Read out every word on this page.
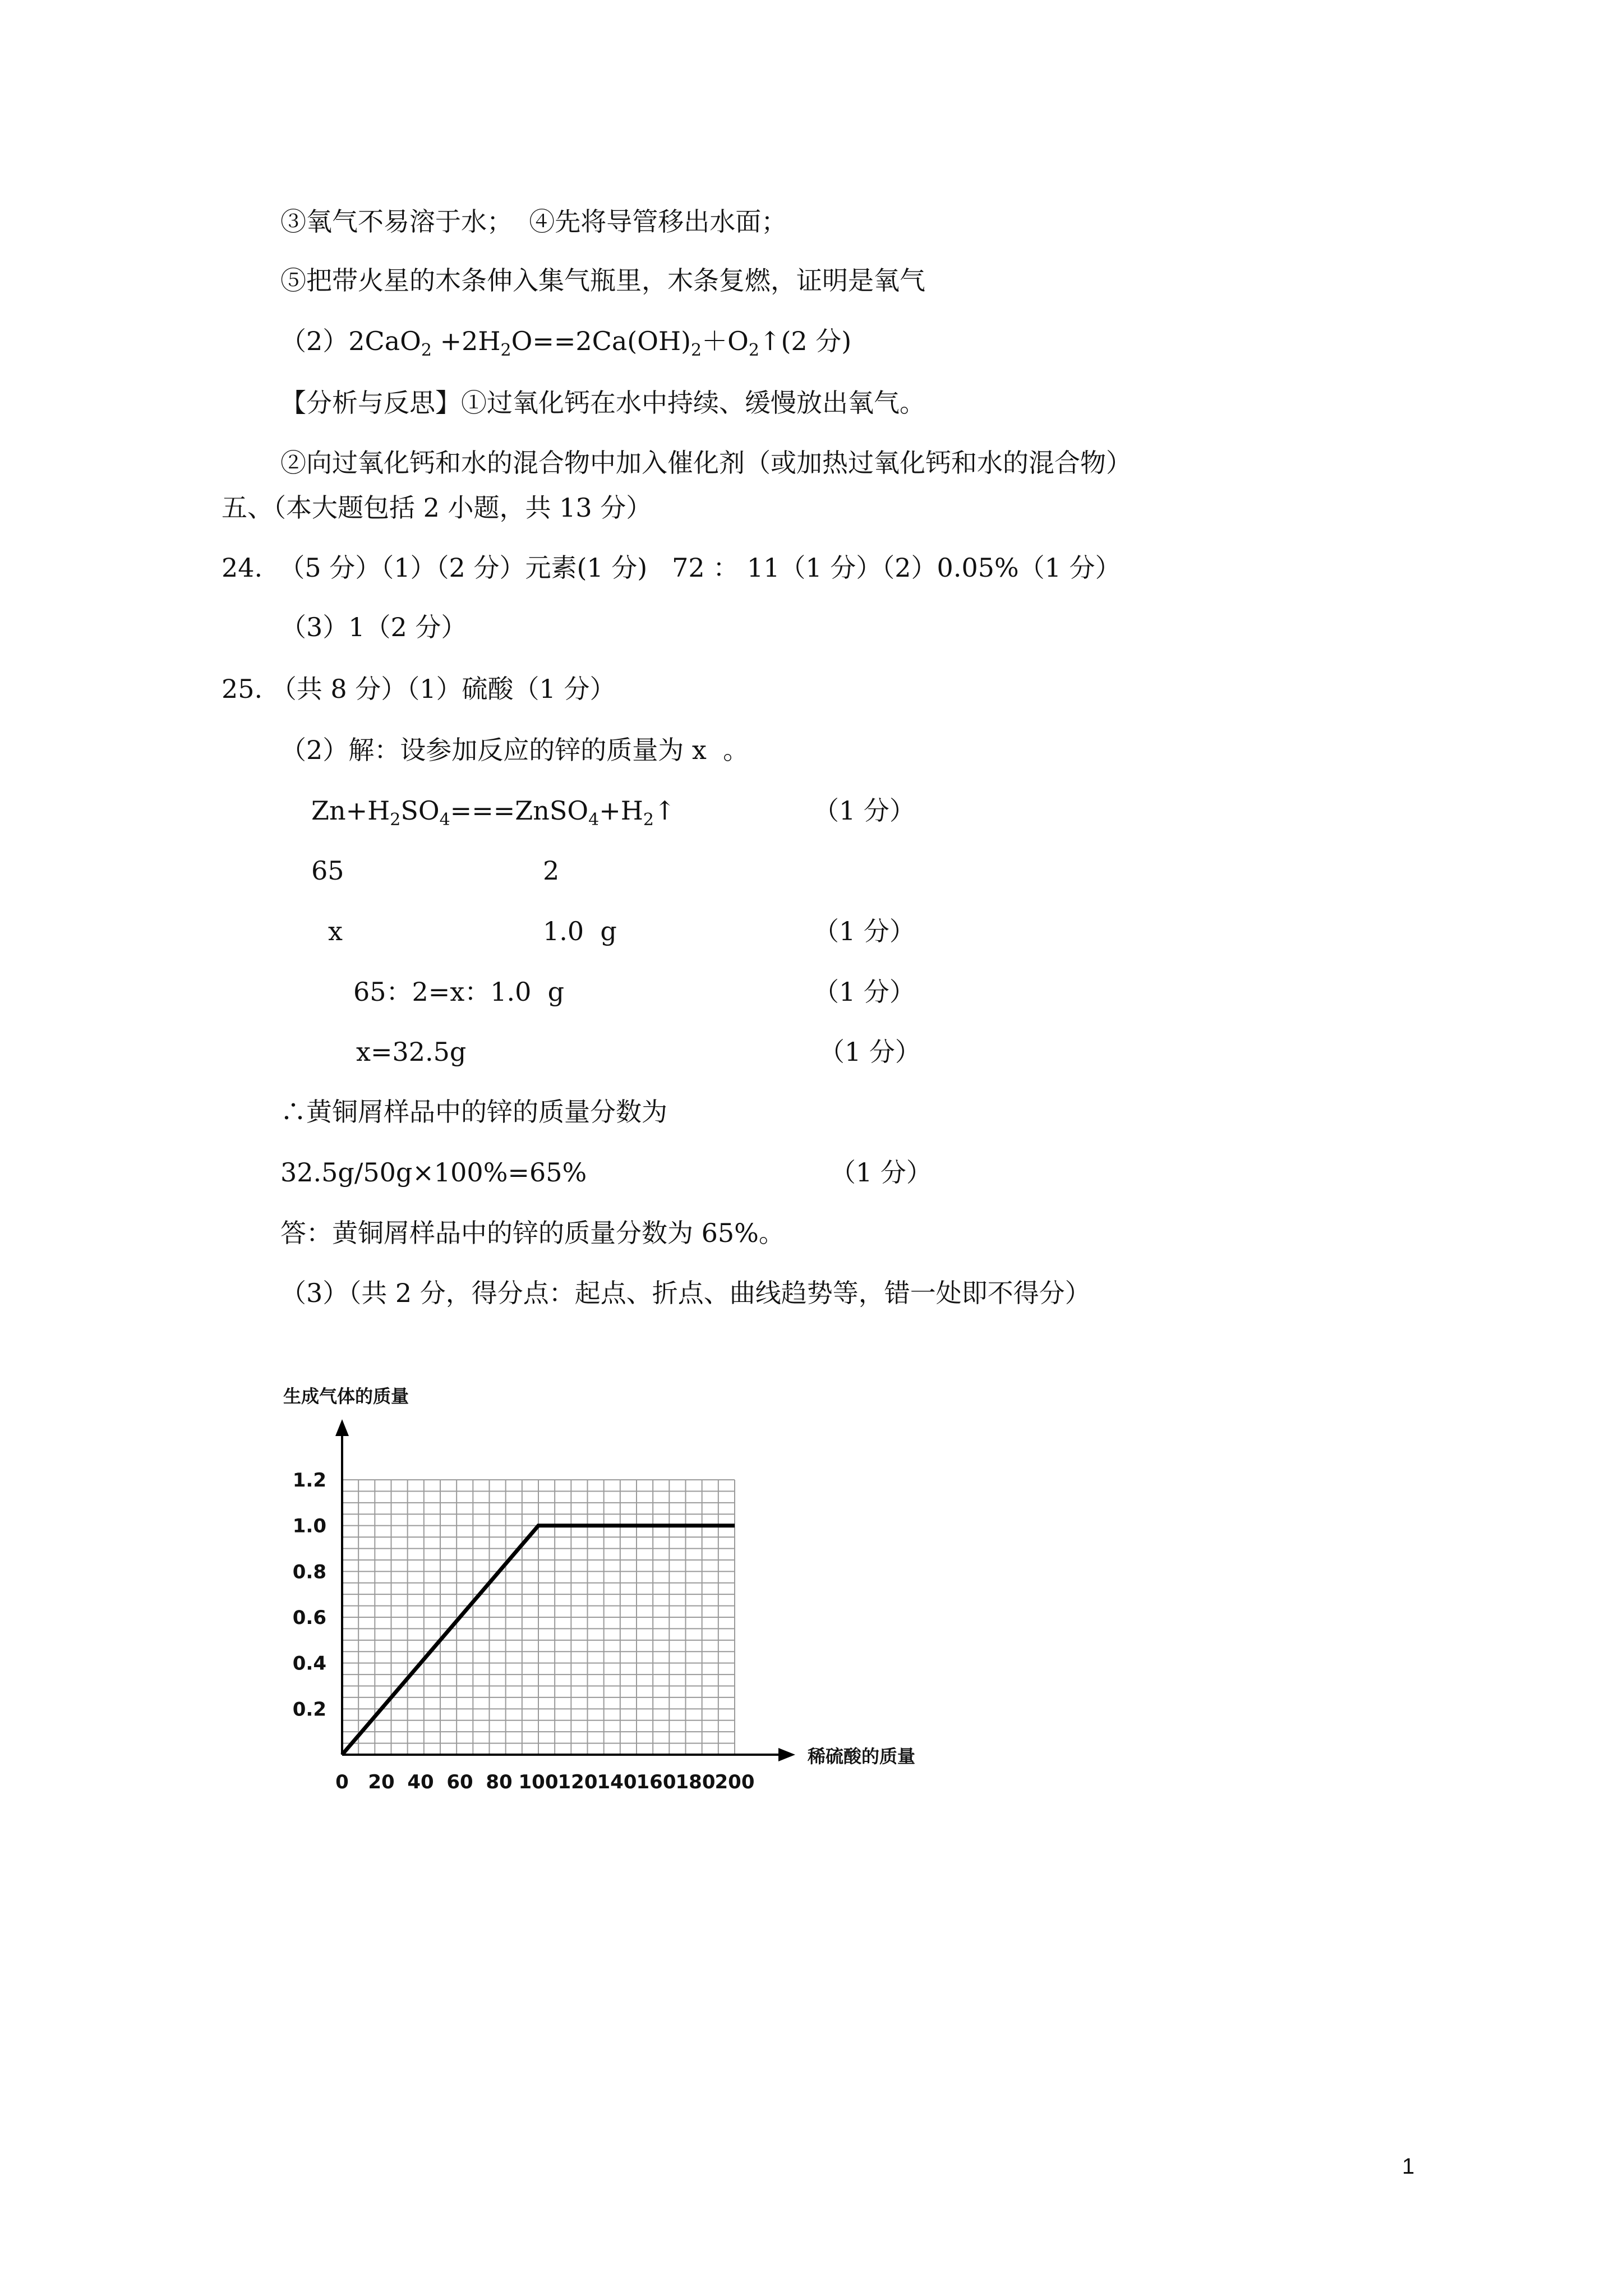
③氧气不易溶于水；  ④先将导管移出水面；
⑤把带火星的木条伸入集气瓶里，木条复燃，证明是氧气
$(2)2CaO_2 +2H_2O==2Ca(OH)_2+O_2↑(2$ 分)
【分析与反思】①过氧化钙在水中持续、缓慢放出氧气。
②向过氧化钙和水的混合物中加入催化剂（或加热过氧化钙和水的混合物）
五、（本大题包括 2 小题，共 13 分）
24.  （5 分）（1）（2 分）元素(1 分)   72 ： 11（1 分）（2）0.05%（1 分）
（3）1（2 分）
25. （共 8 分）（1）硫酸（1 分）
（2）解：设参加反应的锌的质量为 x  。
$Zn+H_2SO_4===ZnSO_4+H_2↑$	（1 分）
65	2
x	1.0  g	（1 分）
65：2=x：1.0  g	（1 分）
x=32.5g	（1 分）
∴黄铜屑样品中的锌的质量分数为
32.5g/50g×100%=65%	（1 分）
答：黄铜屑样品中的锌的质量分数为 65%。
（3）（共 2 分，得分点：起点、折点、曲线趋势等，错一处即不得分）
0 20 40 60 80 100 120 140 160 180 200
0.2
0.4
0.6
0.8
1.0
1.2
生成气体的质量
稀硫酸的质量
1
